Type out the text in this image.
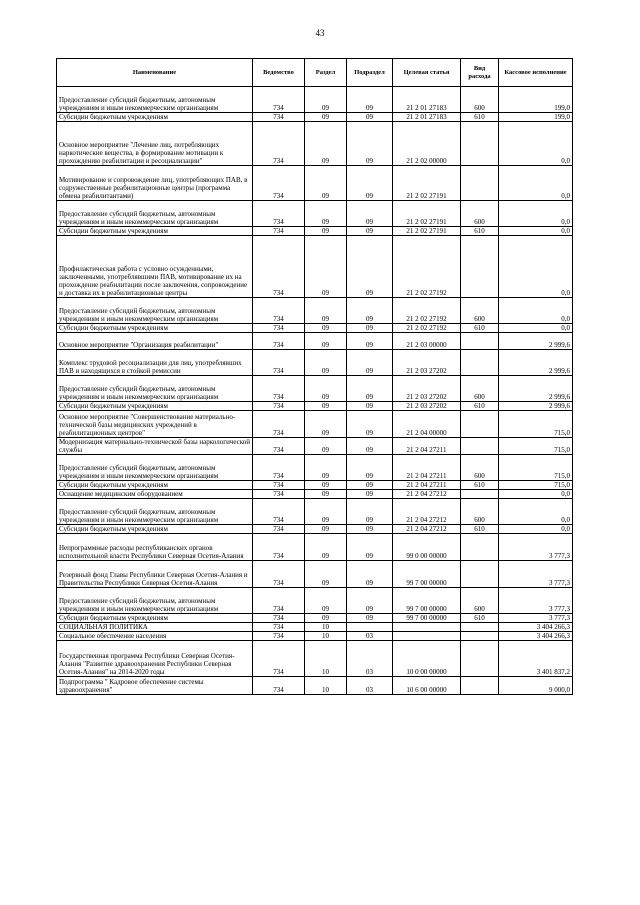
43
Наименование	Ведомство	Раздел	Подраздел	Целевая статья	Вид расхода	Кассовое исполнение
Предоставление субсидий бюджетным, автономным учреждениям и иным некоммерческим организациям	734	09	09	21 2 01 27183	600	199,0
Субсидии бюджетным учреждениям	734	09	09	21 2 01 27183	610	199,0
Основное мероприятие "Лечение лиц, потребляющих наркотические вещества, в формирование мотивации к прохождению реабилитации и ресоциализации"	734	09	09	21 2 02 00000		0,0
Мотивирование и сопровождение лиц, употребляющих ПАВ, в содружественные реабилитационные центры (программа обмена реабилитантами)	734	09	09	21 2 02 27191		0,0
Предоставление субсидий бюджетным, автономным учреждениям и иным некоммерческим организациям	734	09	09	21 2 02 27191	600	0,0
Субсидии бюджетным учреждениям	734	09	09	21 2 02 27191	610	0,0
Профилактическая работа с условно осужденными, заключенными, употреблявшими ПАВ, мотивирование их на прохождение реабилитации после заключения, сопровождение и доставка их в реабилитационные центры	734	09	09	21 2 02 27192		0,0
Предоставление субсидий бюджетным, автономным учреждениям и иным некоммерческим организациям	734	09	09	21 2 02 27192	600	0,0
Субсидии бюджетным учреждениям	734	09	09	21 2 02 27192	610	0,0
Основное мероприятие "Организация реабилитации"	734	09	09	21 2 03 00000		2 999,6
Комплекс трудовой ресоциализации для лиц, употреблявших ПАВ и находящихся в стойкой ремиссии	734	09	09	21 2 03 27202		2 999,6
Предоставление субсидий бюджетным, автономным учреждениям и иным некоммерческим организациям	734	09	09	21 2 03 27202	600	2 999,6
Субсидии бюджетным учреждениям	734	09	09	21 2 03 27202	610	2 999,6
Основное мероприятие "Совершенствование материально-технической базы медицинских учреждений в реабилитационных центров"	734	09	09	21 2 04 00000		715,0
Модернизация материально-технической базы наркологической службы	734	09	09	21 2 04 27211		715,0
Предоставление субсидий бюджетным, автономным учреждениям и иным некоммерческим организациям	734	09	09	21 2 04 27211	600	715,0
Субсидии бюджетным учреждениям	734	09	09	21 2 04 27211	610	715,0
Оснащение медицинским оборудованием	734	09	09	21 2 04 27212		0,0
Предоставление субсидий бюджетным, автономным учреждениям и иным некоммерческим организациям	734	09	09	21 2 04 27212	600	0,0
Субсидии бюджетным учреждениям	734	09	09	21 2 04 27212	610	0,0
Непрограммные расходы республиканских органов исполнительной власти Республики Северная Осетия-Алания	734	09	09	99 0 00 00000		3 777,3
Резервный фонд Главы Республики Северная Осетия-Алания и Правительства Республики Северная Осетия-Алания	734	09	09	99 7 00 00000		3 777,3
Предоставление субсидий бюджетным, автономным учреждениям и иным некоммерческим организациям	734	09	09	99 7 00 00000	600	3 777,3
Субсидии бюджетным учреждениям	734	09	09	99 7 00 00000	610	3 777,3
СОЦИАЛЬНАЯ ПОЛИТИКА	734	10				3 404 266,3
Социальное обеспечение населения	734	10	03			3 404 266,3
Государственная программа Республики Северная Осетия-Алания "Развитие здравоохранения Республики Северная Осетия-Алания" на 2014-2020 годы	734	10	03	10 0 00 00000		3 401 837,2
Подпрограмма " Кадровое обеспечение системы здравоохранения"	734	10	03	10 6 00 00000		9 000,0
